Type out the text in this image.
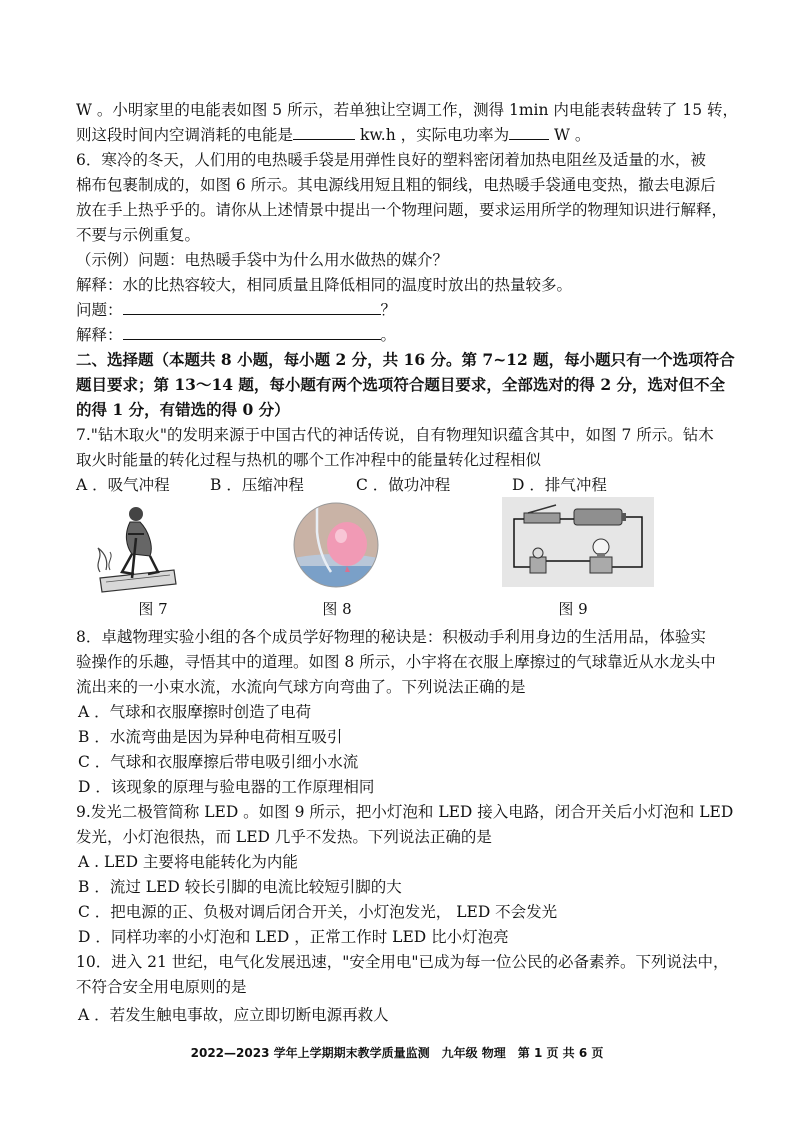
W 。小明家里的电能表如图 5 所示，若单独让空调工作，测得 1min 内电能表转盘转了 15 转，
则这段时间内空调消耗的电能是	kw.h ，实际电功率为	W 。
6．寒冷的冬天，人们用的电热暖手袋是用弹性良好的塑料密闭着加热电阻丝及适量的水，被
棉布包裹制成的，如图 6 所示。其电源线用短且粗的铜线，电热暖手袋通电变热，撤去电源后
放在手上热乎乎的。请你从上述情景中提出一个物理问题，要求运用所学的物理知识进行解释，
不要与示例重复。
（示例）问题：电热暖手袋中为什么用水做热的媒介？
解释：水的比热容较大，相同质量且降低相同的温度时放出的热量较多。
问题：	？
解释：	。
二、选择题（本题共 8 小题，每小题 2 分，共 16 分。第 7~12 题，每小题只有一个选项符合
题目要求；第 13～14 题，每小题有两个选项符合题目要求，全部选对的得 2 分，选对但不全
的得 1 分，有错选的得 0 分）
7."钻木取火"的发明来源于中国古代的神话传说，自有物理知识蕴含其中，如图 7 所示。钻木
取火时能量的转化过程与热机的哪个工作冲程中的能量转化过程相似
A ．吸气冲程	B ．压缩冲程	C ．做功冲程	D ．排气冲程
图 7	图 8	图 9
8．卓越物理实验小组的各个成员学好物理的秘诀是：积极动手利用身边的生活用品，体验实
验操作的乐趣，寻悟其中的道理。如图 8 所示，小宇将在衣服上摩擦过的气球靠近从水龙头中
流出来的一小束水流，水流向气球方向弯曲了。下列说法正确的是
A ．气球和衣服摩擦时创造了电荷
B ．水流弯曲是因为异种电荷相互吸引
C ．气球和衣服摩擦后带电吸引细小水流
D ．该现象的原理与验电器的工作原理相同
9.发光二极管简称 LED 。如图 9 所示，把小灯泡和 LED 接入电路，闭合开关后小灯泡和 LED
发光，小灯泡很热，而 LED 几乎不发热。下列说法正确的是
A . LED 主要将电能转化为内能
B ．流过 LED 较长引脚的电流比较短引脚的大
C ．把电源的正、负极对调后闭合开关，小灯泡发光， LED 不会发光
D ．同样功率的小灯泡和 LED ，正常工作时 LED 比小灯泡亮
10．进入 21 世纪，电气化发展迅速，"安全用电"已成为每一位公民的必备素养。下列说法中，
不符合安全用电原则的是
A ．若发生触电事故，应立即切断电源再救人
2022—2023 学年上学期期末教学质量监测　九年级 物理　第 1 页 共 6 页
